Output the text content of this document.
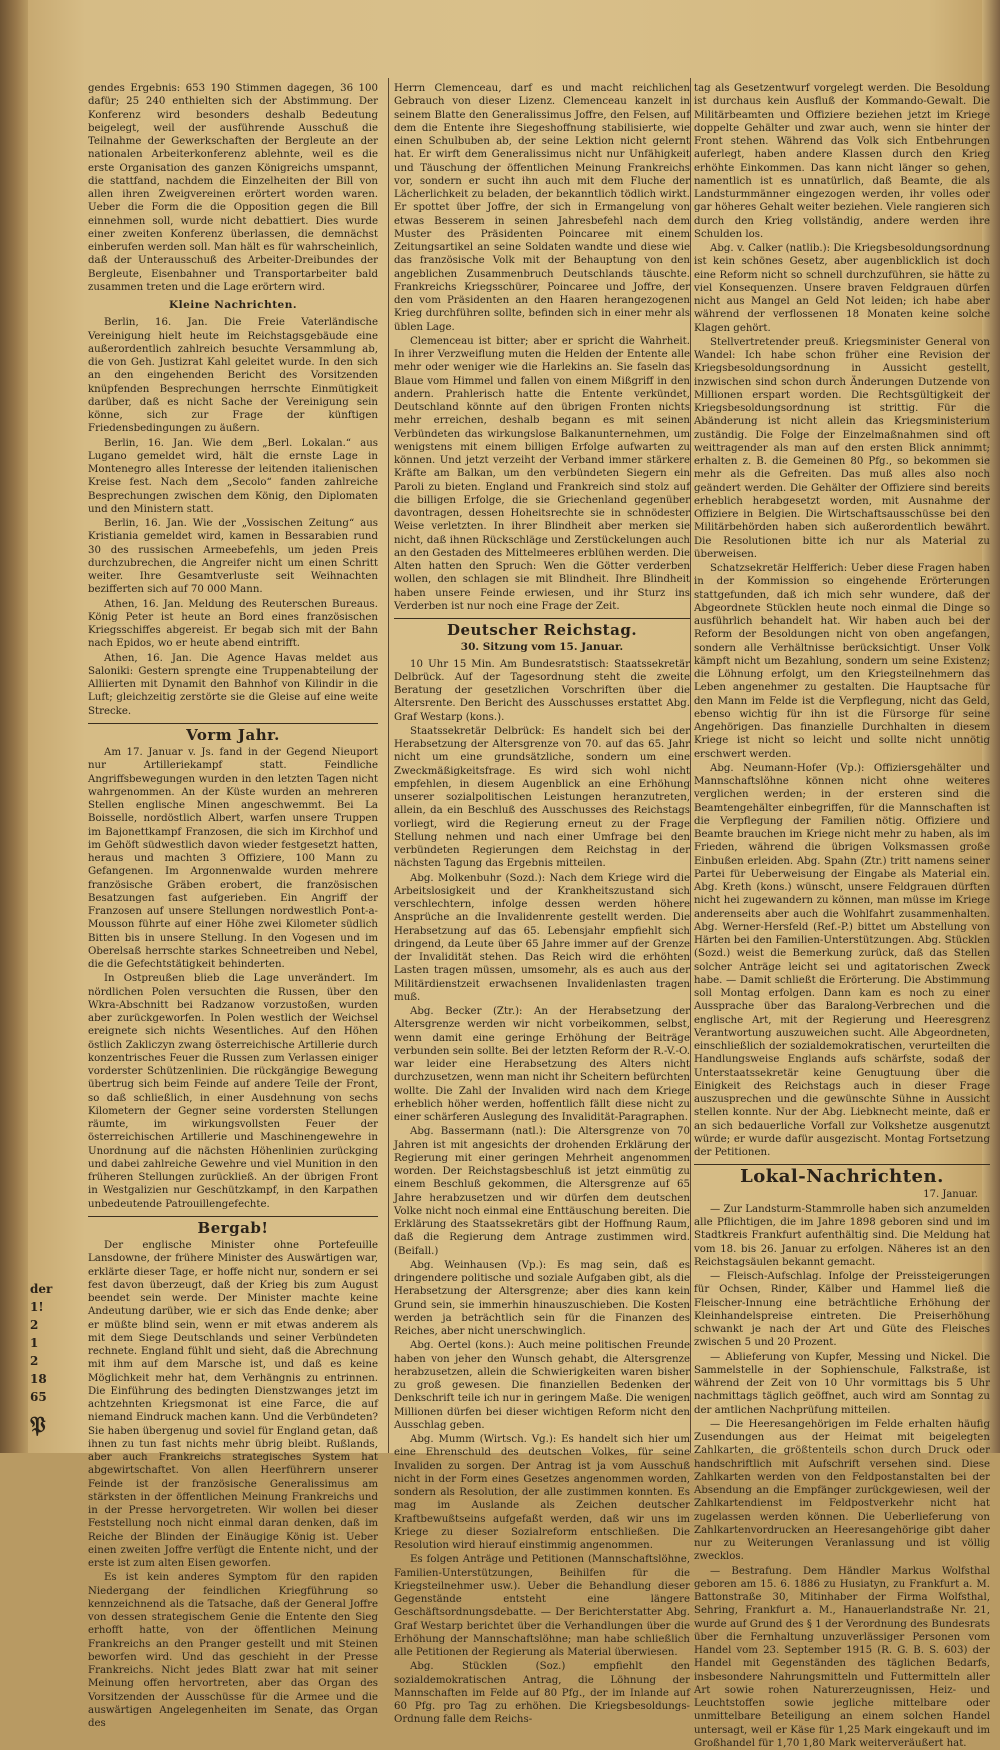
der
1!
2
1
2
18
65
𝔓

gendes Ergebnis: 653 190 Stimmen dagegen, 36 100 dafür; 25 240 enthielten sich der Abstimmung. Der Konferenz wird besonders deshalb Bedeutung beigelegt, weil der ausführende Ausschuß die Teilnahme der Gewerkschaften der Bergleute an der nationalen Arbeiterkonferenz ablehnte, weil es die erste Organisation des ganzen Königreichs umspannt, die stattfand, nachdem die Einzelheiten der Bill von allen ihren Zweigvereinen erörtert worden waren. Ueber die Form die die Opposition gegen die Bill einnehmen soll, wurde nicht debattiert. Dies wurde einer zweiten Konferenz überlassen, die demnächst einberufen werden soll. Man hält es für wahrscheinlich, daß der Unterausschuß des Arbeiter-Dreibundes der Bergleute, Eisenbahner und Transportarbeiter bald zusammen treten und die Lage erörtern wird.

Kleine Nachrichten.

Berlin, 16. Jan. Die Freie Vaterländische Vereinigung hielt heute im Reichstagsgebäude eine außerordentlich zahlreich besuchte Versammlung ab, die von Geh. Justizrat Kahl geleitet wurde. In den sich an den eingehenden Bericht des Vorsitzenden knüpfenden Besprechungen herrschte Einmütigkeit darüber, daß es nicht Sache der Vereinigung sein könne, sich zur Frage der künftigen Friedensbedingungen zu äußern.

Berlin, 16. Jan. Wie dem „Berl. Lokalan.“ aus Lugano gemeldet wird, hält die ernste Lage in Montenegro alles Interesse der leitenden italienischen Kreise fest. Nach dem „Secolo“ fanden zahlreiche Besprechungen zwischen dem König, den Diplomaten und den Ministern statt.

Berlin, 16. Jan. Wie der „Vossischen Zeitung“ aus Kristiania gemeldet wird, kamen in Bessarabien rund 30 des russischen Armeebefehls, um jeden Preis durchzubrechen, die Angreifer nicht um einen Schritt weiter. Ihre Gesamtverluste seit Weihnachten bezifferten sich auf 70 000 Mann.

Athen, 16. Jan. Meldung des Reuterschen Bureaus. König Peter ist heute an Bord eines französischen Kriegsschiffes abgereist. Er begab sich mit der Bahn nach Epidos, wo er heute abend eintrifft.

Athen, 16. Jan. Die Agence Havas meldet aus Saloniki: Gestern sprengte eine Truppenabteilung der Alliierten mit Dynamit den Bahnhof von Kilindir in die Luft; gleichzeitig zerstörte sie die Gleise auf eine weite Strecke.

Vorm Jahr.

Am 17. Januar v. Js. fand in der Gegend Nieuport nur Artilleriekampf statt. Feindliche Angriffsbewegungen wurden in den letzten Tagen nicht wahrgenommen. An der Küste wurden an mehreren Stellen englische Minen angeschwemmt. Bei La Boisselle, nordöstlich Albert, warfen unsere Truppen im Bajonettkampf Franzosen, die sich im Kirchhof und im Gehöft südwestlich davon wieder festgesetzt hatten, heraus und machten 3 Offiziere, 100 Mann zu Gefangenen. Im Argonnenwalde wurden mehrere französische Gräben erobert, die französischen Besatzungen fast aufgerieben. Ein Angriff der Franzosen auf unsere Stellungen nordwestlich Pont-a-Mousson führte auf einer Höhe zwei Kilometer südlich Bitten bis in unsere Stellung. In den Vogesen und im Oberelsaß herrschte starkes Schneetreiben und Nebel, die die Gefechtstätigkeit behinderten.

In Ostpreußen blieb die Lage unverändert. Im nördlichen Polen versuchten die Russen, über den Wkra-Abschnitt bei Radzanow vorzustoßen, wurden aber zurückgeworfen. In Polen westlich der Weichsel ereignete sich nichts Wesentliches. Auf den Höhen östlich Zakliczyn zwang österreichische Artillerie durch konzentrisches Feuer die Russen zum Verlassen einiger vorderster Schützenlinien. Die rückgängige Bewegung übertrug sich beim Feinde auf andere Teile der Front, so daß schließlich, in einer Ausdehnung von sechs Kilometern der Gegner seine vordersten Stellungen räumte, im wirkungsvollsten Feuer der österreichischen Artillerie und Maschinengewehre in Unordnung auf die nächsten Höhenlinien zurückging und dabei zahlreiche Gewehre und viel Munition in den früheren Stellungen zurückließ. An der übrigen Front in Westgalizien nur Geschützkampf, in den Karpathen unbedeutende Patrouillengefechte.

Bergab!

Der englische Minister ohne Portefeuille Lansdowne, der frühere Minister des Auswärtigen war, erklärte dieser Tage, er hoffe nicht nur, sondern er sei fest davon überzeugt, daß der Krieg bis zum August beendet sein werde. Der Minister machte keine Andeutung darüber, wie er sich das Ende denke; aber er müßte blind sein, wenn er mit etwas anderem als mit dem Siege Deutschlands und seiner Verbündeten rechnete. England fühlt und sieht, daß die Abrechnung mit ihm auf dem Marsche ist, und daß es keine Möglichkeit mehr hat, dem Verhängnis zu entrinnen. Die Einführung des bedingten Dienstzwanges jetzt im achtzehnten Kriegsmonat ist eine Farce, die auf niemand Eindruck machen kann. Und die Verbündeten? Sie haben übergenug und soviel für England getan, daß ihnen zu tun fast nichts mehr übrig bleibt. Rußlands, aber auch Frankreichs strategisches System hat abgewirtschaftet. Von allen Heerführern unserer Feinde ist der französische Generalissimus am stärksten in der öffentlichen Meinung Frankreichs und in der Presse hervorgetreten. Wir wollen bei dieser Feststellung noch nicht einmal daran denken, daß im Reiche der Blinden der Einäugige König ist. Ueber einen zweiten Joffre verfügt die Entente nicht, und der erste ist zum alten Eisen geworfen.

Es ist kein anderes Symptom für den rapiden Niedergang der feindlichen Kriegführung so kennzeichnend als die Tatsache, daß der General Joffre von dessen strategischem Genie die Entente den Sieg erhofft hatte, von der öffentlichen Meinung Frankreichs an den Pranger gestellt und mit Steinen beworfen wird. Und das geschieht in der Presse Frankreichs. Nicht jedes Blatt zwar hat mit seiner Meinung offen hervortreten, aber das Organ des Vorsitzenden der Ausschüsse für die Armee und die auswärtigen Angelegenheiten im Senate, das Organ des

Herrn Clemenceau, darf es und macht reichlichen Gebrauch von dieser Lizenz. Clemenceau kanzelt in seinem Blatte den Generalissimus Joffre, den Felsen, auf dem die Entente ihre Siegeshoffnung stabilisierte, wie einen Schulbuben ab, der seine Lektion nicht gelernt hat. Er wirft dem Generalissimus nicht nur Unfähigkeit und Täuschung der öffentlichen Meinung Frankreichs vor, sondern er sucht ihn auch mit dem Fluche der Lächerlichkeit zu beladen, der bekanntlich tödlich wirkt. Er spottet über Joffre, der sich in Ermangelung von etwas Besserem in seinen Jahresbefehl nach dem Muster des Präsidenten Poincaree mit einem Zeitungsartikel an seine Soldaten wandte und diese wie das französische Volk mit der Behauptung von den angeblichen Zusammenbruch Deutschlands täuschte. Frankreichs Kriegsschürer, Poincaree und Joffre, der den vom Präsidenten an den Haaren herangezogenen Krieg durchführen sollte, befinden sich in einer mehr als üblen Lage.

Clemenceau ist bitter; aber er spricht die Wahrheit. In ihrer Verzweiflung muten die Helden der Entente alle mehr oder weniger wie die Harlekins an. Sie faseln das Blaue vom Himmel und fallen von einem Mißgriff in den andern. Prahlerisch hatte die Entente verkündet, Deutschland könnte auf den übrigen Fronten nichts mehr erreichen, deshalb begann es mit seinen Verbündeten das wirkungslose Balkanunternehmen, um wenigstens mit einem billigen Erfolge aufwarten zu können. Und jetzt verzeiht der Verband immer stärkere Kräfte am Balkan, um den verbündeten Siegern ein Paroli zu bieten. England und Frankreich sind stolz auf die billigen Erfolge, die sie Griechenland gegenüber davontragen, dessen Hoheitsrechte sie in schnödester Weise verletzten. In ihrer Blindheit aber merken sie nicht, daß ihnen Rückschläge und Zerstückelungen auch an den Gestaden des Mittelmeeres erblühen werden. Die Alten hatten den Spruch: Wen die Götter verderben wollen, den schlagen sie mit Blindheit. Ihre Blindheit haben unsere Feinde erwiesen, und ihr Sturz ins Verderben ist nur noch eine Frage der Zeit.

Deutscher Reichstag.
30. Sitzung vom 15. Januar.

10 Uhr 15 Min. Am Bundesratstisch: Staatssekretär Delbrück. Auf der Tagesordnung steht die zweite Beratung der gesetzlichen Vorschriften über die Altersrente. Den Bericht des Ausschusses erstattet Abg. Graf Westarp (kons.).

Staatssekretär Delbrück: Es handelt sich bei der Herabsetzung der Altersgrenze von 70. auf das 65. Jahr nicht um eine grundsätzliche, sondern um eine Zweckmäßigkeitsfrage. Es wird sich wohl nicht empfehlen, in diesem Augenblick an eine Erhöhung unserer sozialpolitischen Leistungen heranzutreten, allein, da ein Beschluß des Ausschusses des Reichstags vorliegt, wird die Regierung erneut zu der Frage Stellung nehmen und nach einer Umfrage bei den verbündeten Regierungen dem Reichstag in der nächsten Tagung das Ergebnis mitteilen.

Abg. Molkenbuhr (Sozd.): Nach dem Kriege wird die Arbeitslosigkeit und der Krankheitszustand sich verschlechtern, infolge dessen werden höhere Ansprüche an die Invalidenrente gestellt werden. Die Herabsetzung auf das 65. Lebensjahr empfiehlt sich dringend, da Leute über 65 Jahre immer auf der Grenze der Invalidität stehen. Das Reich wird die erhöhten Lasten tragen müssen, umsomehr, als es auch aus der Militärdienstzeit erwachsenen Invalidenlasten tragen muß.

Abg. Becker (Ztr.): An der Herabsetzung der Altersgrenze werden wir nicht vorbeikommen, selbst, wenn damit eine geringe Erhöhung der Beiträge verbunden sein sollte. Bei der letzten Reform der R.-V.-O. war leider eine Herabsetzung des Alters nicht durchzusetzen, wenn man nicht ihr Scheitern befürchten wollte. Die Zahl der Invaliden wird nach dem Kriege erheblich höher werden, hoffentlich fällt diese nicht zu einer schärferen Auslegung des Invalidität-Paragraphen.

Abg. Bassermann (natl.): Die Altersgrenze von 70 Jahren ist mit angesichts der drohenden Erklärung der Regierung mit einer geringen Mehrheit angenommen worden. Der Reichstagsbeschluß ist jetzt einmütig zu einem Beschluß gekommen, die Altersgrenze auf 65 Jahre herabzusetzen und wir dürfen dem deutschen Volke nicht noch einmal eine Enttäuschung bereiten. Die Erklärung des Staatssekretärs gibt der Hoffnung Raum, daß die Regierung dem Antrage zustimmen wird. (Beifall.)

Abg. Weinhausen (Vp.): Es mag sein, daß es dringendere politische und soziale Aufgaben gibt, als die Herabsetzung der Altersgrenze; aber dies kann kein Grund sein, sie immerhin hinauszuschieben. Die Kosten werden ja beträchtlich sein für die Finanzen des Reiches, aber nicht unerschwinglich.

Abg. Oertel (kons.): Auch meine politischen Freunde haben von jeher den Wunsch gehabt, die Altersgrenze herabzusetzen, allein die Schwierigkeiten waren bisher zu groß gewesen. Die finanziellen Bedenken der Denkschrift teile ich nur in geringem Maße. Die wenigen Millionen dürfen bei dieser wichtigen Reform nicht den Ausschlag geben.

Abg. Mumm (Wirtsch. Vg.): Es handelt sich hier um eine Ehrenschuld des deutschen Volkes, für seine Invaliden zu sorgen. Der Antrag ist ja vom Ausschuß nicht in der Form eines Gesetzes angenommen worden, sondern als Resolution, der alle zustimmen konnten. Es mag im Auslande als Zeichen deutscher Kraftbewußtseins aufgefaßt werden, daß wir uns im Kriege zu dieser Sozialreform entschließen. Die Resolution wird hierauf einstimmig angenommen.

Es folgen Anträge und Petitionen (Mannschaftslöhne, Familien-Unterstützungen, Beihilfen für die Kriegsteilnehmer usw.). Ueber die Behandlung dieser Gegenstände entsteht eine längere Geschäftsordnungsdebatte. — Der Berichterstatter Abg. Graf Westarp berichtet über die Verhandlungen über die Erhöhung der Mannschaftslöhne; man habe schließlich alle Petitionen der Regierung als Material überwiesen.

Abg. Stücklen (Soz.) empfiehlt den sozialdemokratischen Antrag, die Löhnung der Mannschaften im Felde auf 80 Pfg., der im Inlande auf 60 Pfg. pro Tag zu erhöhen. Die Kriegsbesoldungs-Ordnung falle dem Reichs-

tag als Gesetzentwurf vorgelegt werden. Die Besoldung ist durchaus kein Ausfluß der Kommando-Gewalt. Die Militärbeamten und Offiziere beziehen jetzt im Kriege doppelte Gehälter und zwar auch, wenn sie hinter der Front stehen. Während das Volk sich Entbehrungen auferlegt, haben andere Klassen durch den Krieg erhöhte Einkommen. Das kann nicht länger so gehen, namentlich ist es unnatürlich, daß Beamte, die als Landsturmmänner eingezogen werden, ihr volles oder gar höheres Gehalt weiter beziehen. Viele rangieren sich durch den Krieg vollständig, andere werden ihre Schulden los.

Abg. v. Calker (natlib.): Die Kriegsbesoldungsordnung ist kein schönes Gesetz, aber augenblicklich ist doch eine Reform nicht so schnell durchzuführen, sie hätte zu viel Konsequenzen. Unsere braven Feldgrauen dürfen nicht aus Mangel an Geld Not leiden; ich habe aber während der verflossenen 18 Monaten keine solche Klagen gehört.

Stellvertretender preuß. Kriegsminister General von Wandel: Ich habe schon früher eine Revision der Kriegsbesoldungsordnung in Aussicht gestellt, inzwischen sind schon durch Änderungen Dutzende von Millionen erspart worden. Die Rechtsgültigkeit der Kriegsbesoldungsordnung ist strittig. Für die Abänderung ist nicht allein das Kriegsministerium zuständig. Die Folge der Einzelmaßnahmen sind oft weittragender als man auf den ersten Blick annimmt; erhalten z. B. die Gemeinen 80 Pfg., so bekommen sie mehr als die Gefreiten. Das muß alles also noch geändert werden. Die Gehälter der Offiziere sind bereits erheblich herabgesetzt worden, mit Ausnahme der Offiziere in Belgien. Die Wirtschaftsausschüsse bei den Militärbehörden haben sich außerordentlich bewährt. Die Resolutionen bitte ich nur als Material zu überweisen.

Schatzsekretär Helfferich: Ueber diese Fragen haben in der Kommission so eingehende Erörterungen stattgefunden, daß ich mich sehr wundere, daß der Abgeordnete Stücklen heute noch einmal die Dinge so ausführlich behandelt hat. Wir haben auch bei der Reform der Besoldungen nicht von oben angefangen, sondern alle Verhältnisse berücksichtigt. Unser Volk kämpft nicht um Bezahlung, sondern um seine Existenz; die Löhnung erfolgt, um den Kriegsteilnehmern das Leben angenehmer zu gestalten. Die Hauptsache für den Mann im Felde ist die Verpflegung, nicht das Geld, ebenso wichtig für ihn ist die Fürsorge für seine Angehörigen. Das finanzielle Durchhalten in diesem Kriege ist nicht so leicht und sollte nicht unnötig erschwert werden.

Abg. Neumann-Hofer (Vp.): Offiziersgehälter und Mannschaftslöhne können nicht ohne weiteres verglichen werden; in der ersteren sind die Beamtengehälter einbegriffen, für die Mannschaften ist die Verpflegung der Familien nötig. Offiziere und Beamte brauchen im Kriege nicht mehr zu haben, als im Frieden, während die übrigen Volksmassen große Einbußen erleiden. Abg. Spahn (Ztr.) tritt namens seiner Partei für Ueberweisung der Eingabe als Material ein. Abg. Kreth (kons.) wünscht, unsere Feldgrauen dürften nicht hei zugewandern zu können, man müsse im Kriege anderenseits aber auch die Wohlfahrt zusammenhalten. Abg. Werner-Hersfeld (Ref.-P.) bittet um Abstellung von Härten bei den Familien-Unterstützungen. Abg. Stücklen (Sozd.) weist die Bemerkung zurück, daß das Stellen solcher Anträge leicht sei und agitatorischen Zweck habe. — Damit schließt die Erörterung. Die Abstimmung soll Montag erfolgen. Dann kam es noch zu einer Aussprache über das Baralong-Verbrechen und die englische Art, mit der Regierung und Heeresgrenz Verantwortung auszuweichen sucht. Alle Abgeordneten, einschließlich der sozialdemokratischen, verurteilten die Handlungsweise Englands aufs schärfste, sodaß der Unterstaatssekretär keine Genugtuung über die Einigkeit des Reichstags auch in dieser Frage auszusprechen und die gewünschte Sühne in Aussicht stellen konnte. Nur der Abg. Liebknecht meinte, daß er an sich bedauerliche Vorfall zur Volkshetze ausgenutzt würde; er wurde dafür ausgezischt. Montag Fortsetzung der Petitionen.

Lokal-Nachrichten.
17. Januar.

— Zur Landsturm-Stammrolle haben sich anzumelden alle Pflichtigen, die im Jahre 1898 geboren sind und im Stadtkreis Frankfurt aufenthältig sind. Die Meldung hat vom 18. bis 26. Januar zu erfolgen. Näheres ist an den Reichstagsäulen bekannt gemacht.

— Fleisch-Aufschlag. Infolge der Preissteigerungen für Ochsen, Rinder, Kälber und Hammel ließ die Fleischer-Innung eine beträchtliche Erhöhung der Kleinhandelspreise eintreten. Die Preiserhöhung schwankt je nach der Art und Güte des Fleisches zwischen 5 und 20 Prozent.

— Ablieferung von Kupfer, Messing und Nickel. Die Sammelstelle in der Sophienschule, Falkstraße, ist während der Zeit von 10 Uhr vormittags bis 5 Uhr nachmittags täglich geöffnet, auch wird am Sonntag zu der amtlichen Nachprüfung mitteilen.

— Die Heeresangehörigen im Felde erhalten häufig Zusendungen aus der Heimat mit beigelegten Zahlkarten, die größtenteils schon durch Druck oder handschriftlich mit Aufschrift versehen sind. Diese Zahlkarten werden von den Feldpostanstalten bei der Absendung an die Empfänger zurückgewiesen, weil der Zahlkartendienst im Feldpostverkehr nicht hat zugelassen werden können. Die Ueberlieferung von Zahlkartenvordrucken an Heeresangehörige gibt daher nur zu Weiterungen Veranlassung und ist völlig zwecklos.

— Bestrafung. Dem Händler Markus Wolfsthal geboren am 15. 6. 1886 zu Husiatyn, zu Frankfurt a. M. Battonstraße 30, Mitinhaber der Firma Wolfsthal, Sehring, Frankfurt a. M., Hanauerlandstraße Nr. 21, wurde auf Grund des § 1 der Verordnung des Bundesrats über die Fernhaltung unzuverlässiger Personen vom Handel vom 23. September 1915 (R. G. B. S. 603) der Handel mit Gegenständen des täglichen Bedarfs, insbesondere Nahrungsmitteln und Futtermitteln aller Art sowie rohen Naturerzeugnissen, Heiz- und Leuchtstoffen sowie jegliche mittelbare oder unmittelbare Beteiligung an einem solchen Handel untersagt, weil er Käse für 1,25 Mark eingekauft und im Großhandel für 1,70 1,80 Mark weiterveräußert hat.
